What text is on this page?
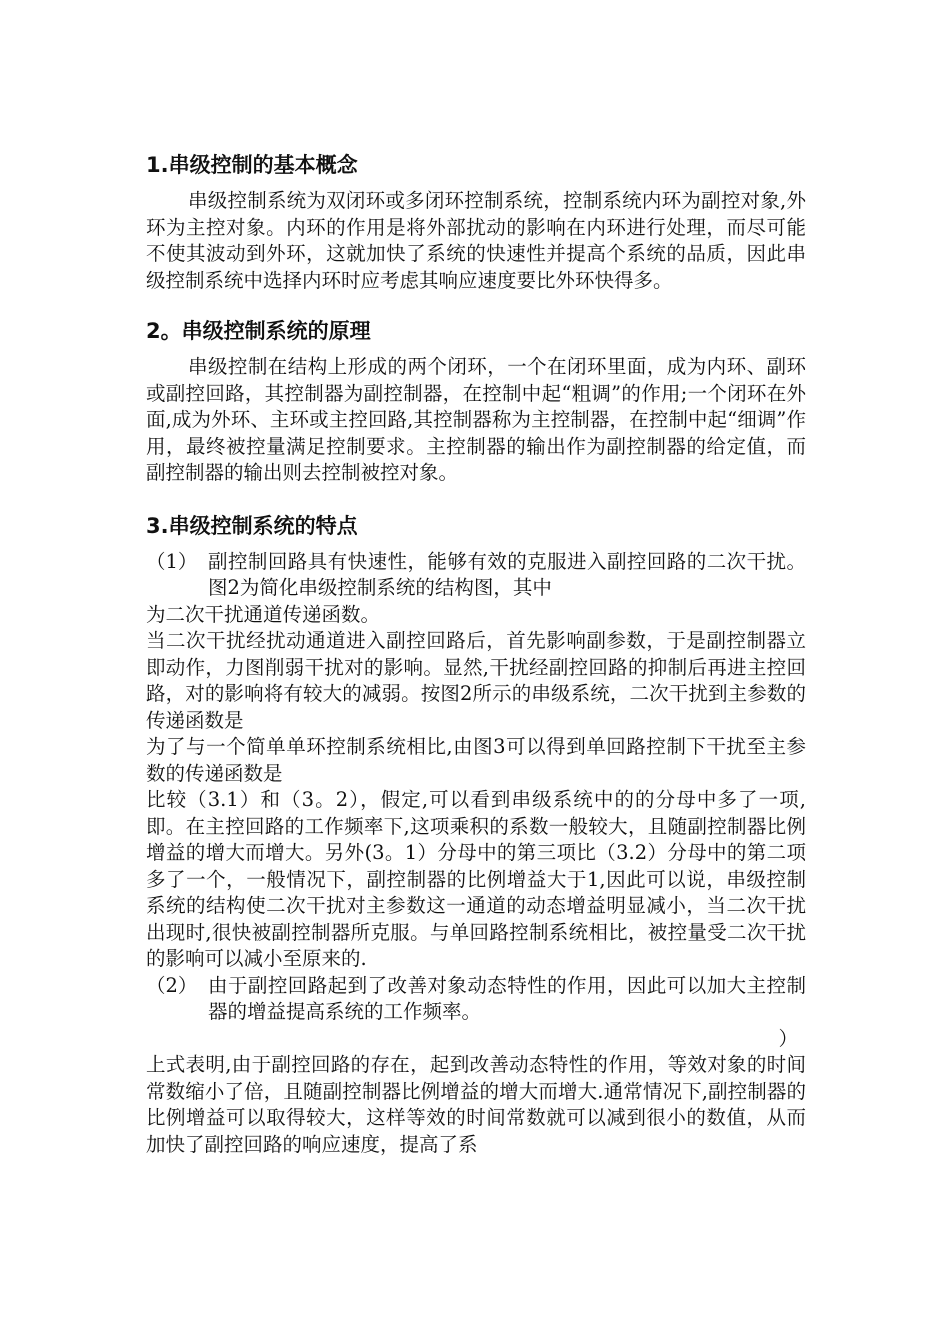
1.串级控制的基本概念

串级控制系统为双闭环或多闭环控制系统，控制系统内环为副控对象,外环为主控对象。内环的作用是将外部扰动的影响在内环进行处理，而尽可能不使其波动到外环，这就加快了系统的快速性并提高个系统的品质，因此串级控制系统中选择内环时应考虑其响应速度要比外环快得多。

2。串级控制系统的原理

串级控制在结构上形成的两个闭环，一个在闭环里面，成为内环、副环或副控回路，其控制器为副控制器，在控制中起“粗调”的作用;一个闭环在外面,成为外环、主环或主控回路,其控制器称为主控制器，在控制中起“细调”作用，最终被控量满足控制要求。主控制器的输出作为副控制器的给定值，而副控制器的输出则去控制被控对象。

3.串级控制系统的特点
（1） 副控制回路具有快速性，能够有效的克服进入副控回路的二次干扰。图2为简化串级控制系统的结构图，其中

为二次干扰通道传递函数。

当二次干扰经扰动通道进入副控回路后，首先影响副参数，于是副控制器立即动作，力图削弱干扰对的影响。显然,干扰经副控回路的抑制后再进主控回路，对的影响将有较大的减弱。按图2所示的串级系统，二次干扰到主参数的传递函数是

为了与一个简单单环控制系统相比,由图3可以得到单回路控制下干扰至主参数的传递函数是

比较（3.1）和（3。2），假定,可以看到串级系统中的的分母中多了一项,即。在主控回路的工作频率下,这项乘积的系数一般较大，且随副控制器比例增益的增大而增大。另外(3。1）分母中的第三项比（3.2）分母中的第二项多了一个，一般情况下，副控制器的比例增益大于1,因此可以说，串级控制系统的结构使二次干扰对主参数这一通道的动态增益明显减小，当二次干扰出现时,很快被副控制器所克服。与单回路控制系统相比，被控量受二次干扰的影响可以减小至原来的.

（2） 由于副控回路起到了改善对象动态特性的作用，因此可以加大主控制器的增益提高系统的工作频率。
）

上式表明,由于副控回路的存在，起到改善动态特性的作用，等效对象的时间常数缩小了倍，且随副控制器比例增益的增大而增大.通常情况下,副控制器的比例增益可以取得较大，这样等效的时间常数就可以减到很小的数值，从而加快了副控回路的响应速度，提高了系
